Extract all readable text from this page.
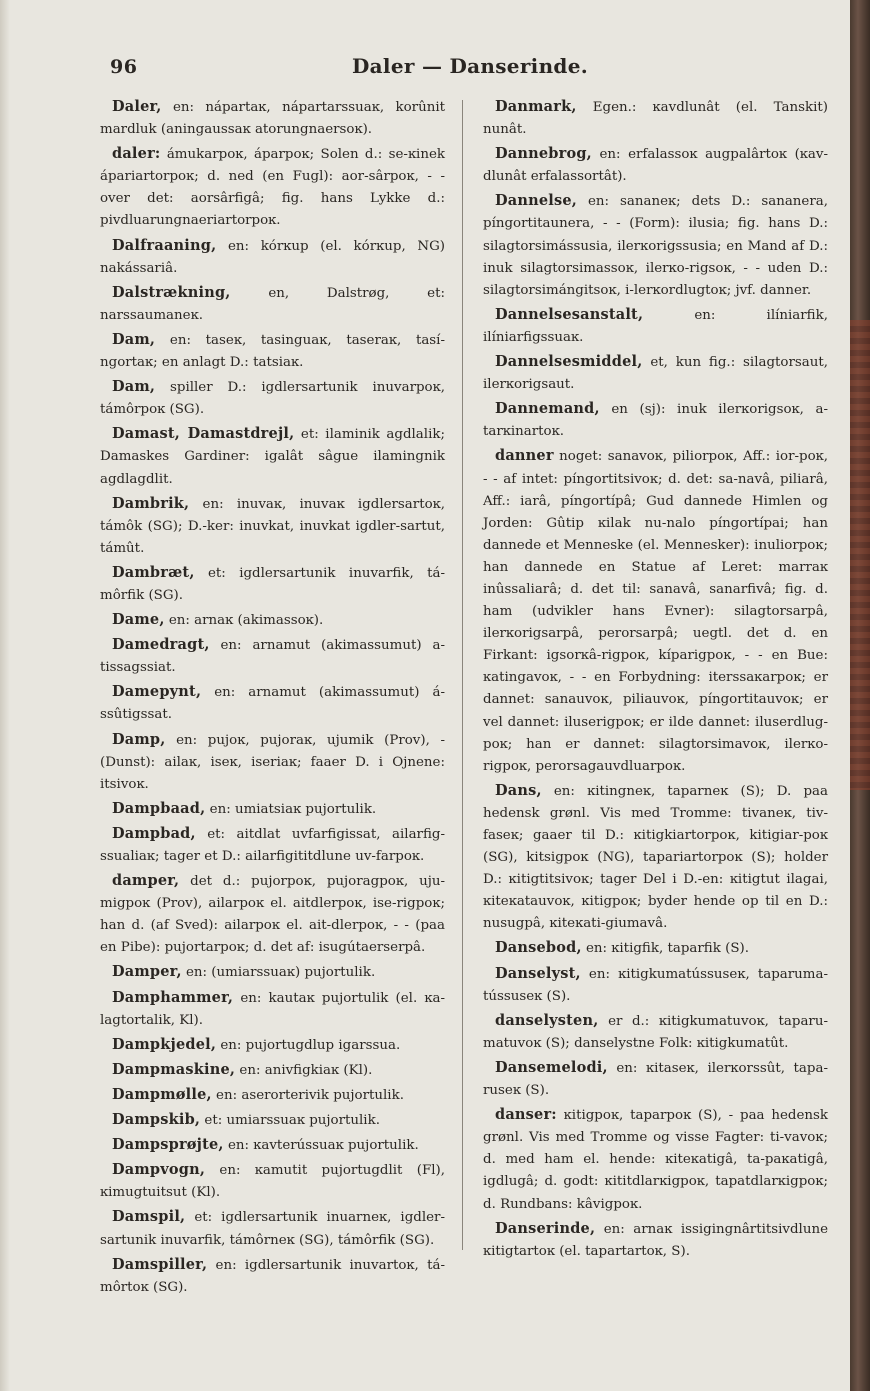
96	Daler — Danserinde.

Daler, en: nápartaĸ, nápartarssuaĸ, korûnit mardluk (aningaussaĸ atorungnaersoĸ).

daler: ámukarpoĸ, áparpoĸ; Solen d.: se-ĸinek ápariartorpoĸ; d. ned (en Fugl): aor-sârpoĸ, - - over det: aorsârfigâ; fig. hans Lykke d.: pivdluarungnaeriartorpoĸ.

Dalfraaning, en: kórĸup (el. kórĸup, NG) nakássariâ.

Dalstrækning,	en, Dalstrøg, et: narssaumaneĸ.

Dam, en: taseĸ, tasinguaĸ, taseraĸ, tasí-ngortaĸ; en anlagt D.: tatsiaĸ.

Dam, spiller D.: igdlersartunik inuvarpoĸ, támôrpoĸ (SG).

Damast, Damastdrejl, et: ilaminik agdlalik; Damaskes Gardiner: igalât sâgue ilamingnik agdlagdlit.

Dambrik, en: inuvaĸ, inuvaĸ igdlersartoĸ, támôk (SG); D.-ker: inuvkat, inuvkat igdler-sartut, támût.

Dambræt, et: igdlersartunik inuvarfik, tá-môrfik (SG).

Dame, en: arnaĸ (akimassoĸ).

Damedragt, en: arnamut (akimassumut) a-tissagssiat.

Damepynt, en: arnamut (akimassumut) á-ssûtigssat.

Damp, en: pujoĸ, pujoraĸ, ujumik (Prov), - (Dunst): ailaĸ, iseĸ, iseriaĸ; faaer D. i Ojnene: itsivoĸ.

Dampbaad, en: umiatsiaĸ pujortulik.

Dampbad, et: aitdlat uvfarfigissat, ailarfig-ssualiaĸ; tager et D.: ailarfigititdlune uv-farpoĸ.

damper, det d.: pujorpoĸ, pujoragpoĸ, uju-migpoĸ (Prov), ailarpoĸ el. aitdlerpoĸ, ise-rigpoĸ; han d. (af Sved): ailarpoĸ el. ait-dlerpoĸ, - - (paa en Pibe): pujortarpoĸ; d. det af: isugútaerserpâ.

Damper, en: (umiarssuaĸ) pujortulik.

Damphammer, en: kautaĸ pujortulik (el. ĸa-lagtortalik, Kl).

Dampkjedel, en: pujortugdlup igarssua.

Dampmaskine, en: anivfigkiaĸ (Kl).

Dampmølle, en: aserorterivik pujortulik.

Dampskib, et: umiarssuaĸ pujortulik.

Dampsprøjte, en: ĸavterússuaĸ pujortulik.

Dampvogn, en: ĸamutit pujortugdlit (Fl), ĸimugtuitsut (Kl).

Damspil, et: igdlersartunik inuarneĸ, igdler-sartunik inuvarfik, támôrneĸ (SG), támôrfik (SG).

Damspiller, en: igdlersartunik inuvartoĸ, tá-môrtoĸ (SG).

Danmark, Egen.: ĸavdlunât (el. Tanskit) nunât.

Dannebrog, en: erfalassoĸ augpalârtoĸ (ĸav-dlunât erfalassortât).

Dannelse, en: sananeĸ; dets D.: sananera, píngortitaunera, - - (Form): ilusia; fig. hans D.: silagtorsimássusia, ilerĸorigssusia; en Mand af D.: inuk silagtorsimassoĸ, ilerĸo-rigsoĸ, - - uden D.: silagtorsimángitsoĸ, i-lerĸordlugtoĸ; jvf. danner.

Dannelsesanstalt,	en: ilíniarfik, ilíniarfigssuaĸ.

Dannelsesmiddel, et, kun fig.: silagtorsaut, ilerĸorigsaut.

Dannemand, en (sj): inuk ilerĸorigsoĸ, a-tarĸinartoĸ.

danner noget: sanavoĸ, piliorpoĸ, Aff.: ior-poĸ, - - af intet: píngortitsivoĸ; d. det: sa-navâ, piliarâ, Aff.: iarâ, píngortípâ; Gud dannede Himlen og Jorden: Gûtip ĸilak nu-nalo píngortípai; han dannede et Menneske (el. Mennesker): inuliorpoĸ; han dannede en Statue af Leret: marraĸ inûssaliarâ; d. det til: sanavâ, sanarfivâ; fig. d. ham (udvikler hans Evner): silagtorsarpâ, ilerĸorigsarpâ, perorsarpâ; uegtl. det d. en Firkant: igsorĸâ-rigpoĸ, kíparigpoĸ, - - en Bue: ĸatingavoĸ, - - en Forbydning: iterssaĸarpoĸ; er dannet: sanauvoĸ, piliauvoĸ, píngortitauvoĸ; er vel dannet: iluserigpoĸ; er ilde dannet: iluserdlug-poĸ; han er dannet: silagtorsimavoĸ, ilerĸo-rigpoĸ, perorsagauvdluarpoĸ.

Dans, en: ĸitingneĸ, taparneĸ (S); D. paa hedensk grønl. Vis med Tromme: tivaneĸ, tiv-faseĸ; gaaer til D.: ĸitigkiartorpoĸ, kitigiar-poĸ (SG), kitsigpoĸ (NG), tapariartorpoĸ (S); holder D.: ĸitigtitsivoĸ; tager Del i D.-en: ĸitigtut ilagai, ĸiteĸatauvoĸ, ĸitigpoĸ; byder hende op til en D.: nusugpâ, ĸiteĸati-giumavâ.

Dansebod, en: ĸitigfik, taparfik (S).

Danselyst, en: ĸitigkumatússuseĸ, taparuma-tússuseĸ (S).

danselysten, er d.: ĸitigkumatuvoĸ, taparu-matuvoĸ (S); danselystne Folk: ĸitigkumatût.

Dansemelodi, en: ĸitaseĸ, ilerĸorssût, tapa-ruseĸ (S).

danser: ĸitigpoĸ, taparpoĸ (S), - paa hedensk grønl. Vis med Tromme og visse Fagter: ti-vavoĸ; d. med ham el. hende: ĸiteĸatigâ, ta-paĸatigâ, igdlugâ; d. godt: ĸititdlarĸigpoĸ, tapatdlarĸigpoĸ; d. Rundbans: kâvigpoĸ.

Danserinde, en: arnaĸ issigingnârtitsivdlune ĸitigtartoĸ (el. tapartartoĸ, S).
